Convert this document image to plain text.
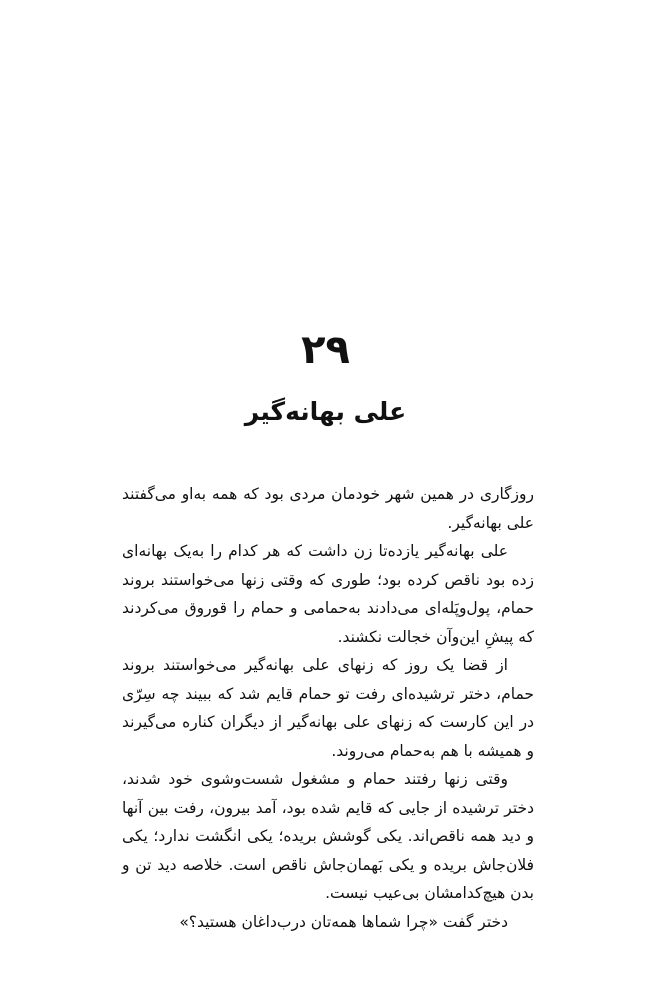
۲۹
علی بهانه‌گیر

روزگاری در همین شهر خودمان مردی بود که همه به‌او می‌گفتند علی بهانه‌گیر.

علی بهانه‌گیر یازده‌تا زن داشت که هر کدام را به‌یک بهانه‌ای زده بود ناقص کرده بود؛ طوری که وقتی زنها می‌خواستند بروند حمام، پول‌وپَله‌ای می‌دادند به‌حمامی و حمام را قوروق می‌کردند که پیشِ این‌وآن خجالت نکشند.

از قضا یک روز که زنهای علی بهانه‌گیر می‌خواستند بروند حمام، دختر ترشیده‌ای رفت تو حمام قایم شد که ببیند چه سِرّی در این کارست که زنهای علی بهانه‌گیر از دیگران کناره می‌گیرند و همیشه با هم به‌حمام می‌روند.

وقتی زنها رفتند حمام و مشغول شست‌وشوی خود شدند، دختر ترشیده از جایی که قایم شده بود، آمد بیرون، رفت بین آنها و دید همه ناقص‌اند. یکی گوشش بریده؛ یکی انگشت ندارد؛ یکی فلان‌جاش بریده و یکی بَهمان‌جاش ناقص است. خلاصه دید تن و بدن هیچ‌کدامشان بی‌عیب نیست.

دختر گفت «چرا شماها همه‌تان درب‌داغان هستید؟»
